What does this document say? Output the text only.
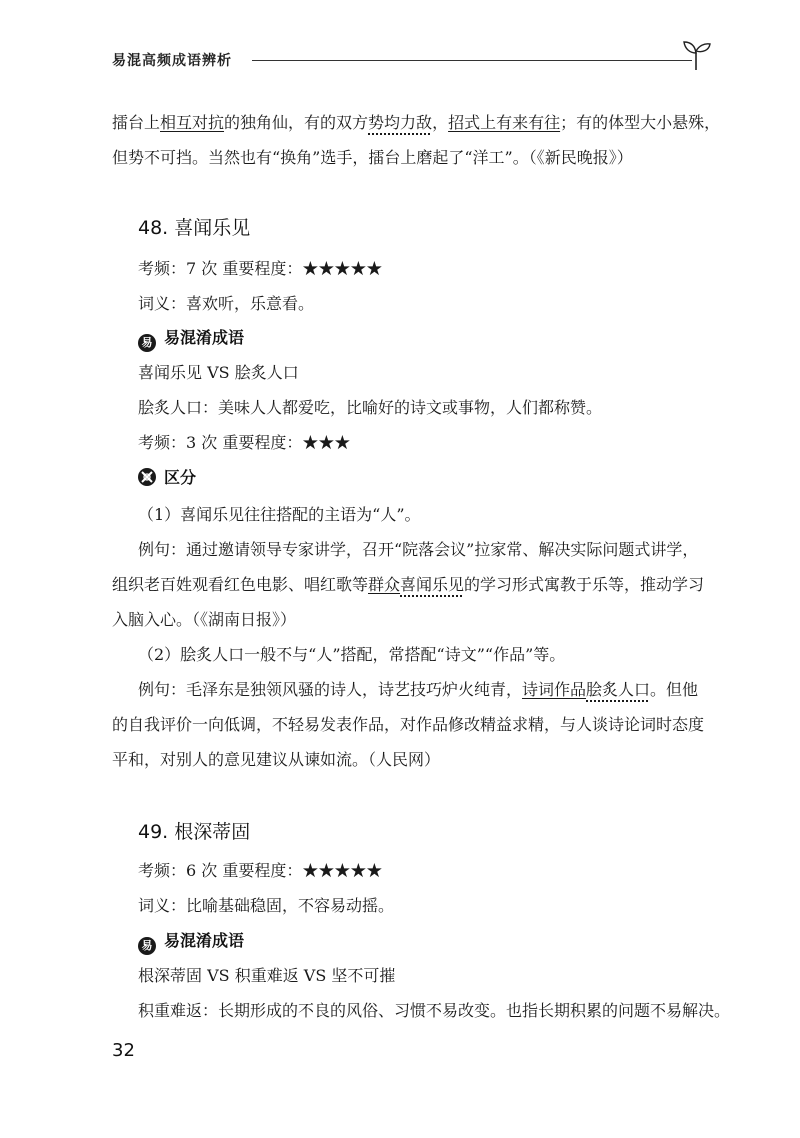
易混高频成语辨析
擂台上相互对抗的独角仙，有的双方势均力敌，招式上有来有往；有的体型大小悬殊，
但势不可挡。当然也有“换角”选手，擂台上磨起了“洋工”。（《新民晚报》）
48. 喜闻乐见
考频：7 次 重要程度：★★★★★
词义：喜欢听，乐意看。
易 易混淆成语
喜闻乐见 VS 脍炙人口
脍炙人口：美味人人都爱吃，比喻好的诗文或事物，人们都称赞。
考频：3 次 重要程度：★★★
区分
（1）喜闻乐见往往搭配的主语为“人”。
例句：通过邀请领导专家讲学，召开“院落会议”拉家常、解决实际问题式讲学，
组织老百姓观看红色电影、唱红歌等群众喜闻乐见的学习形式寓教于乐等，推动学习
入脑入心。（《湖南日报》）
（2）脍炙人口一般不与“人”搭配，常搭配“诗文”“作品”等。
例句：毛泽东是独领风骚的诗人，诗艺技巧炉火纯青，诗词作品脍炙人口。但他
的自我评价一向低调，不轻易发表作品，对作品修改精益求精，与人谈诗论词时态度
平和，对别人的意见建议从谏如流。（人民网）
49. 根深蒂固
考频：6 次 重要程度：★★★★★
词义：比喻基础稳固，不容易动摇。
易 易混淆成语
根深蒂固 VS 积重难返 VS 坚不可摧
积重难返：长期形成的不良的风俗、习惯不易改变。也指长期积累的问题不易解决。
32
